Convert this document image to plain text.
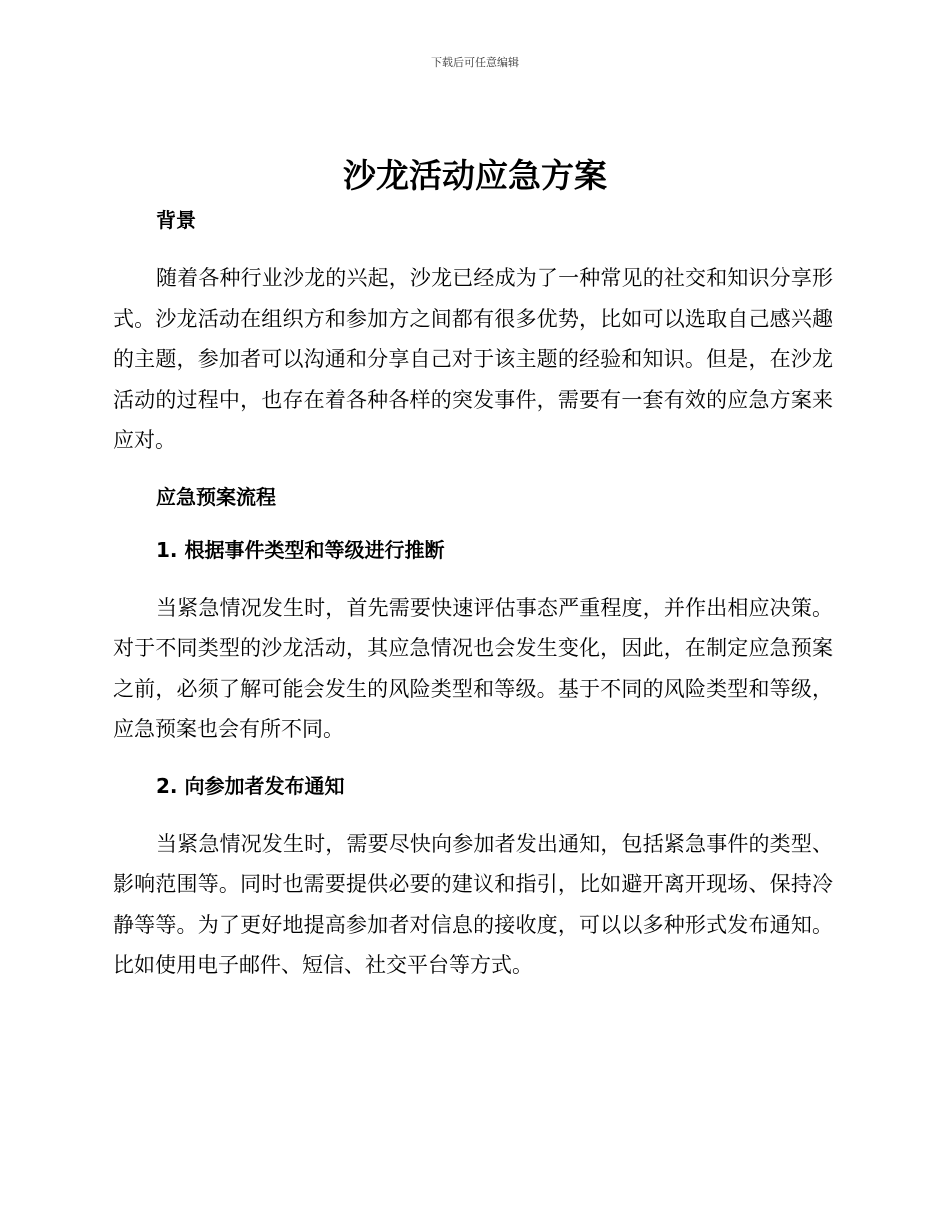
下载后可任意编辑
沙龙活动应急方案

背景

随着各种行业沙龙的兴起，沙龙已经成为了一种常见的社交和知识分享形式。沙龙活动在组织方和参加方之间都有很多优势，比如可以选取自己感兴趣的主题，参加者可以沟通和分享自己对于该主题的经验和知识。但是，在沙龙活动的过程中，也存在着各种各样的突发事件，需要有一套有效的应急方案来应对。

应急预案流程

1. 根据事件类型和等级进行推断

当紧急情况发生时，首先需要快速评估事态严重程度，并作出相应决策。对于不同类型的沙龙活动，其应急情况也会发生变化，因此，在制定应急预案之前，必须了解可能会发生的风险类型和等级。基于不同的风险类型和等级，应急预案也会有所不同。

2. 向参加者发布通知

当紧急情况发生时，需要尽快向参加者发出通知，包括紧急事件的类型、影响范围等。同时也需要提供必要的建议和指引，比如避开离开现场、保持冷静等等。为了更好地提高参加者对信息的接收度，可以以多种形式发布通知。比如使用电子邮件、短信、社交平台等方式。
